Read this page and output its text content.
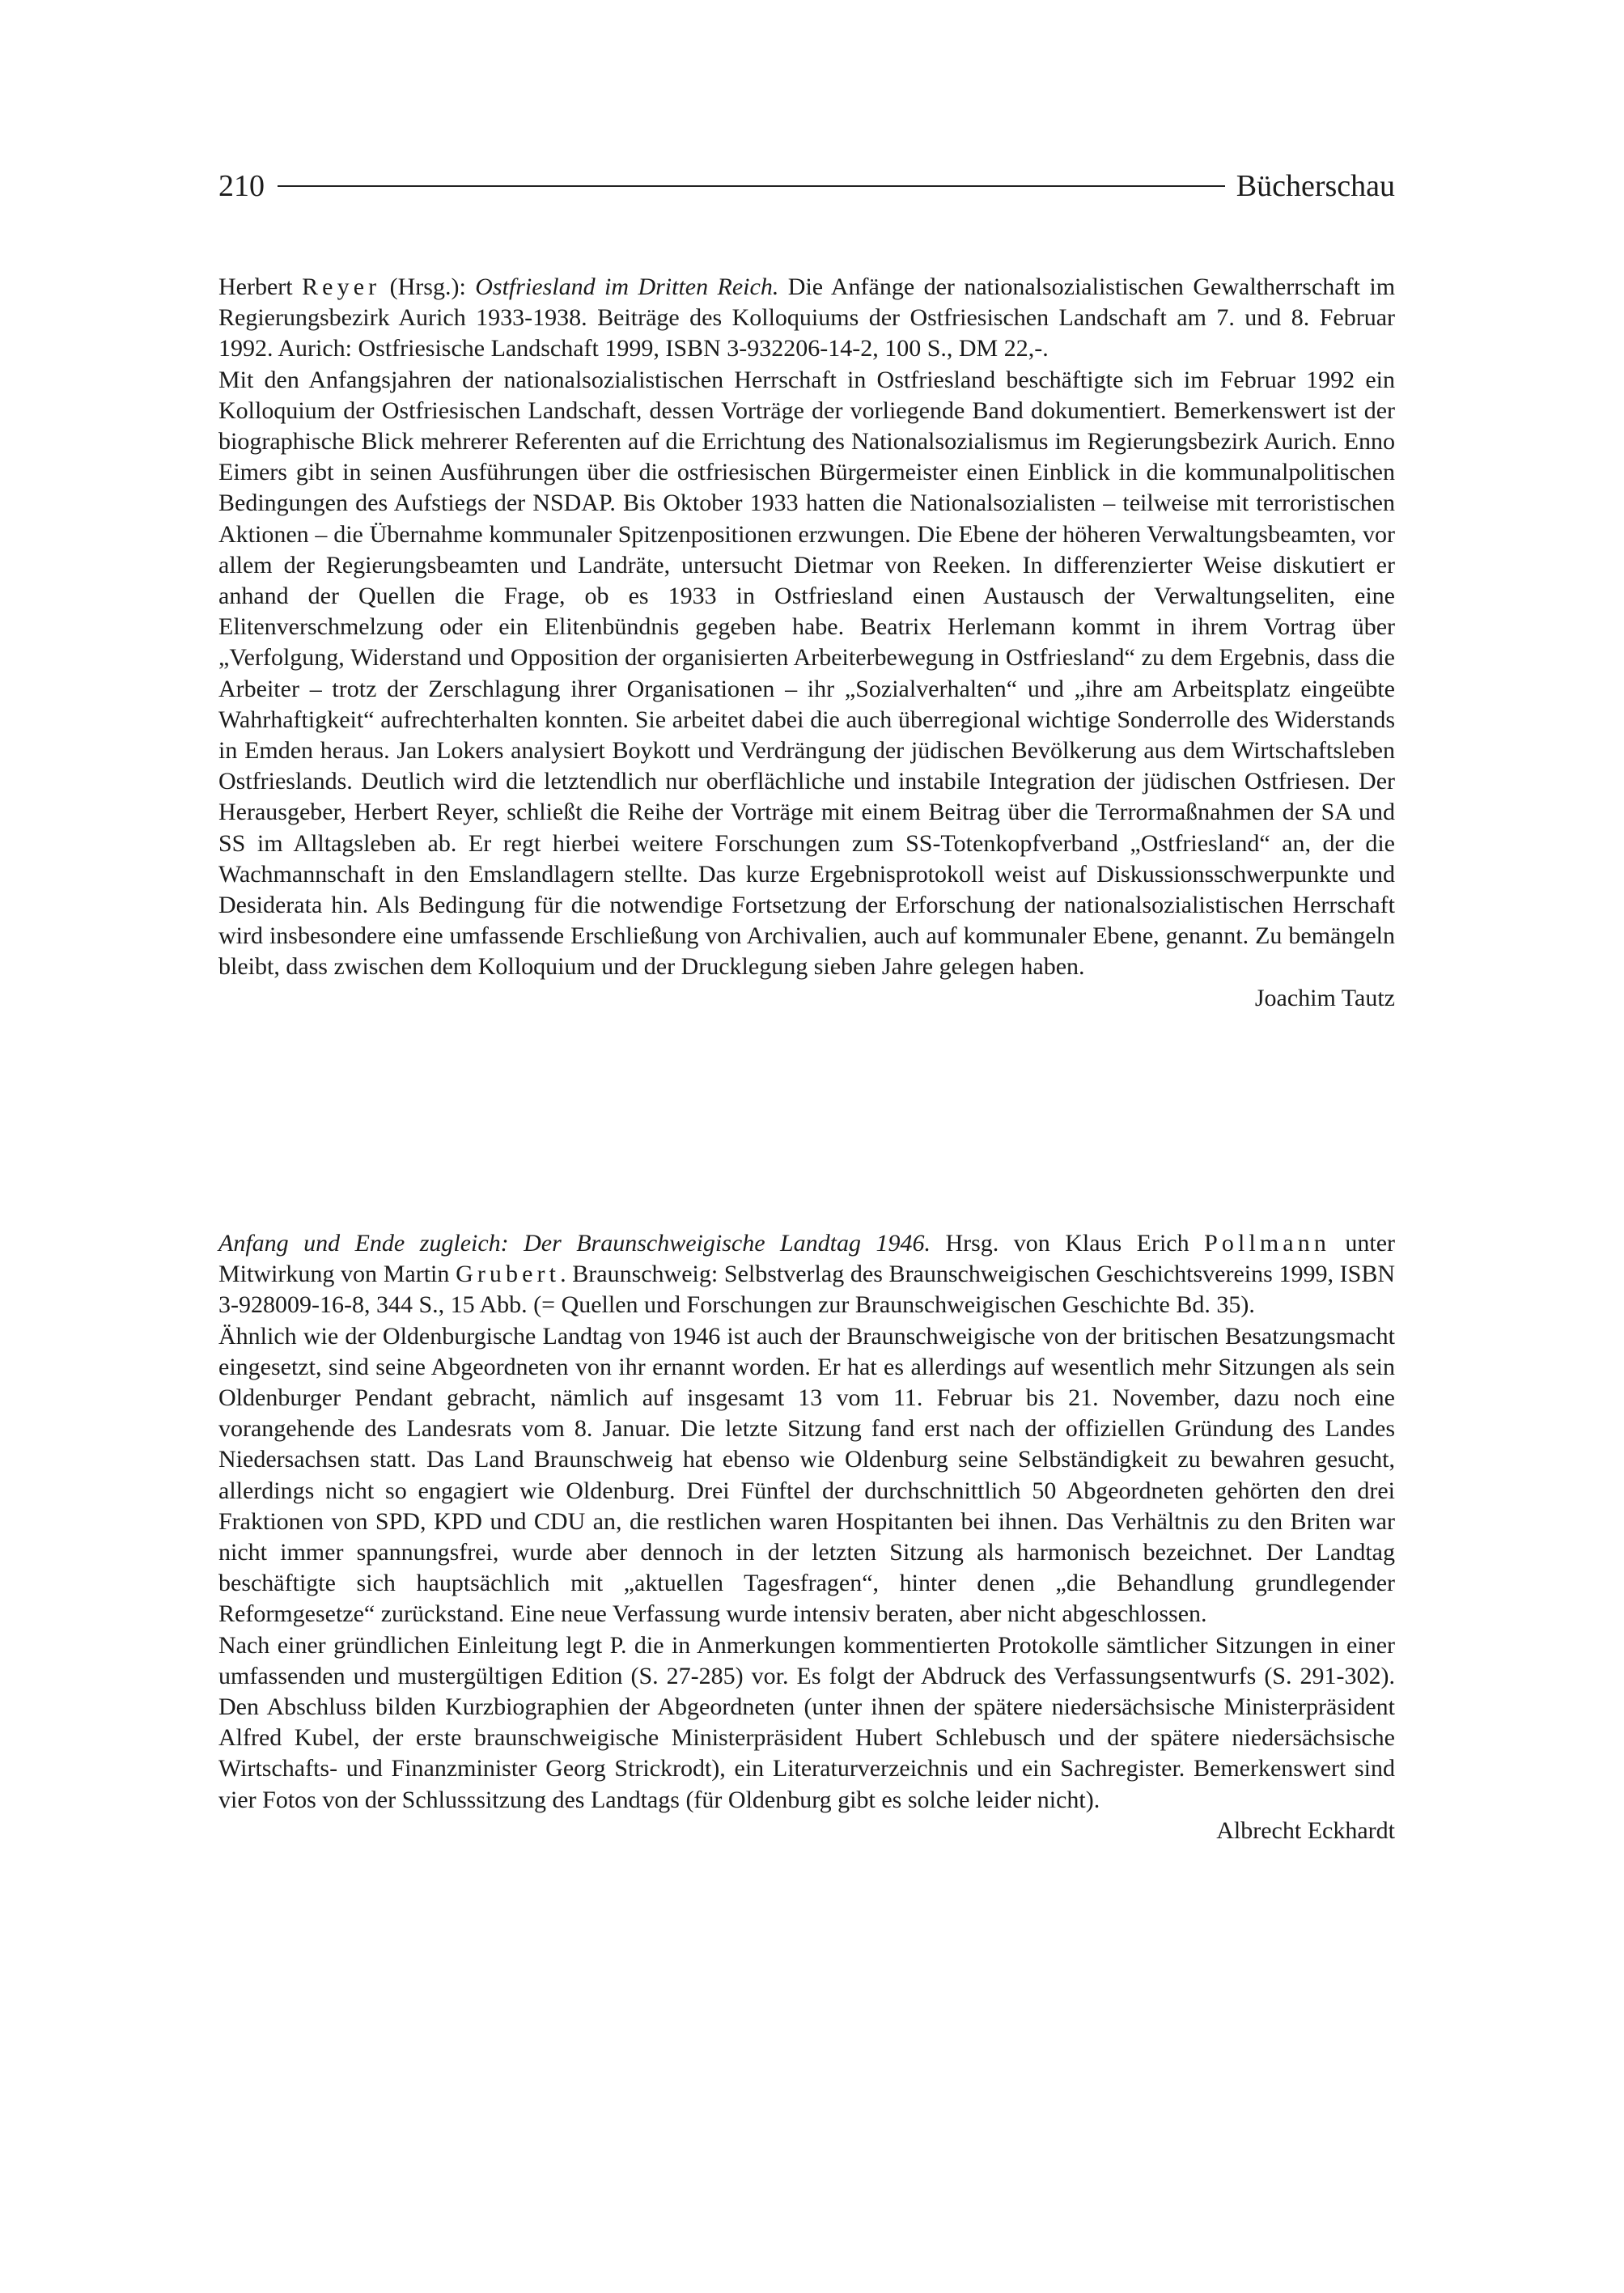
210	Bücherschau

Herbert Reyer (Hrsg.): Ostfriesland im Dritten Reich. Die Anfänge der nationalsozialistischen Gewaltherrschaft im Regierungsbezirk Aurich 1933-1938. Beiträge des Kolloquiums der Ostfriesischen Landschaft am 7. und 8. Februar 1992. Aurich: Ostfriesische Landschaft 1999, ISBN 3-932206-14-2, 100 S., DM 22,-.

Mit den Anfangsjahren der nationalsozialistischen Herrschaft in Ostfriesland beschäftigte sich im Februar 1992 ein Kolloquium der Ostfriesischen Landschaft, dessen Vorträge der vorliegende Band dokumentiert. Bemerkenswert ist der biographische Blick mehrerer Referenten auf die Errichtung des Nationalsozialismus im Regierungsbezirk Aurich. Enno Eimers gibt in seinen Ausführungen über die ostfriesischen Bürgermeister einen Einblick in die kommunalpolitischen Bedingungen des Aufstiegs der NSDAP. Bis Oktober 1933 hatten die Nationalsozialisten – teilweise mit terroristischen Aktionen – die Übernahme kommunaler Spitzenpositionen erzwungen. Die Ebene der höheren Verwaltungsbeamten, vor allem der Regierungsbeamten und Landräte, untersucht Dietmar von Reeken. In differenzierter Weise diskutiert er anhand der Quellen die Frage, ob es 1933 in Ostfriesland einen Austausch der Verwaltungseliten, eine Elitenverschmelzung oder ein Elitenbündnis gegeben habe. Beatrix Herlemann kommt in ihrem Vortrag über „Verfolgung, Widerstand und Opposition der organisierten Arbeiterbewegung in Ostfriesland“ zu dem Ergebnis, dass die Arbeiter – trotz der Zerschlagung ihrer Organisationen – ihr „Sozialverhalten“ und „ihre am Arbeitsplatz eingeübte Wahrhaftigkeit“ aufrechterhalten konnten. Sie arbeitet dabei die auch überregional wichtige Sonderrolle des Widerstands in Emden heraus. Jan Lokers analysiert Boykott und Verdrängung der jüdischen Bevölkerung aus dem Wirtschaftsleben Ostfrieslands. Deutlich wird die letztendlich nur oberflächliche und instabile Integration der jüdischen Ostfriesen. Der Herausgeber, Herbert Reyer, schließt die Reihe der Vorträge mit einem Beitrag über die Terrormaßnahmen der SA und SS im Alltagsleben ab. Er regt hierbei weitere Forschungen zum SS-Totenkopfverband „Ostfriesland“ an, der die Wachmannschaft in den Emslandlagern stellte. Das kurze Ergebnisprotokoll weist auf Diskussionsschwerpunkte und Desiderata hin. Als Bedingung für die notwendige Fortsetzung der Erforschung der nationalsozialistischen Herrschaft wird insbesondere eine umfassende Erschließung von Archivalien, auch auf kommunaler Ebene, genannt. Zu bemängeln bleibt, dass zwischen dem Kolloquium und der Drucklegung sieben Jahre gelegen haben.

Joachim Tautz

Anfang und Ende zugleich: Der Braunschweigische Landtag 1946. Hrsg. von Klaus Erich Pollmann unter Mitwirkung von Martin Grubert. Braunschweig: Selbstverlag des Braunschweigischen Geschichtsvereins 1999, ISBN 3-928009-16-8, 344 S., 15 Abb. (= Quellen und Forschungen zur Braunschweigischen Geschichte Bd. 35).

Ähnlich wie der Oldenburgische Landtag von 1946 ist auch der Braunschweigische von der britischen Besatzungsmacht eingesetzt, sind seine Abgeordneten von ihr ernannt worden. Er hat es allerdings auf wesentlich mehr Sitzungen als sein Oldenburger Pendant gebracht, nämlich auf insgesamt 13 vom 11. Februar bis 21. November, dazu noch eine vorangehende des Landesrats vom 8. Januar. Die letzte Sitzung fand erst nach der offiziellen Gründung des Landes Niedersachsen statt. Das Land Braunschweig hat ebenso wie Oldenburg seine Selbständigkeit zu bewahren gesucht, allerdings nicht so engagiert wie Oldenburg. Drei Fünftel der durchschnittlich 50 Abgeordneten gehörten den drei Fraktionen von SPD, KPD und CDU an, die restlichen waren Hospitanten bei ihnen. Das Verhältnis zu den Briten war nicht immer spannungsfrei, wurde aber dennoch in der letzten Sitzung als harmonisch bezeichnet. Der Landtag beschäftigte sich hauptsächlich mit „aktuellen Tagesfragen“, hinter denen „die Behandlung grundlegender Reformgesetze“ zurückstand. Eine neue Verfassung wurde intensiv beraten, aber nicht abgeschlossen.

Nach einer gründlichen Einleitung legt P. die in Anmerkungen kommentierten Protokolle sämtlicher Sitzungen in einer umfassenden und mustergültigen Edition (S. 27-285) vor. Es folgt der Abdruck des Verfassungsentwurfs (S. 291-302). Den Abschluss bilden Kurzbiographien der Abgeordneten (unter ihnen der spätere niedersächsische Ministerpräsident Alfred Kubel, der erste braunschweigische Ministerpräsident Hubert Schlebusch und der spätere niedersächsische Wirtschafts- und Finanzminister Georg Strickrodt), ein Literaturverzeichnis und ein Sachregister. Bemerkenswert sind vier Fotos von der Schlusssitzung des Landtags (für Oldenburg gibt es solche leider nicht).

Albrecht Eckhardt
